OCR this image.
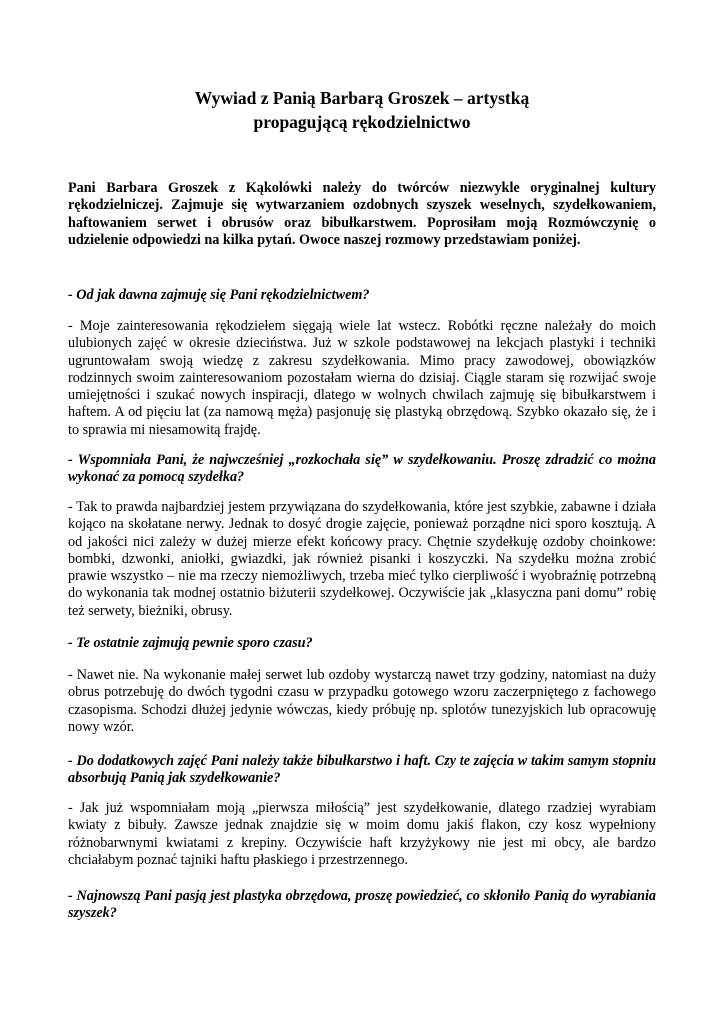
Wywiad z Panią Barbarą Groszek – artystką
propagującą rękodzielnictwo

Pani Barbara Groszek z Kąkolówki należy do twórców niezwykle oryginalnej kultury rękodzielniczej. Zajmuje się wytwarzaniem ozdobnych szyszek weselnych, szydełkowaniem, haftowaniem serwet i obrusów oraz bibułkarstwem. Poprosiłam moją Rozmówczynię o udzielenie odpowiedzi na kilka pytań. Owoce naszej rozmowy przedstawiam poniżej.

- Od jak dawna zajmuję się Pani rękodzielnictwem?

- Moje zainteresowania rękodziełem sięgają wiele lat wstecz. Robótki ręczne należały do moich ulubionych zajęć w okresie dzieciństwa. Już w szkole podstawowej na lekcjach plastyki i techniki ugruntowałam swoją wiedzę z zakresu szydełkowania. Mimo pracy zawodowej, obowiązków rodzinnych swoim zainteresowaniom pozostałam wierna do dzisiaj. Ciągle staram się rozwijać swoje umiejętności i szukać nowych inspiracji, dlatego w wolnych chwilach zajmuję się bibułkarstwem i haftem. A od pięciu lat (za namową męża) pasjonuję się plastyką obrzędową. Szybko okazało się, że i to sprawia mi niesamowitą frajdę.

- Wspomniała Pani, że najwcześniej „rozkochała się” w szydełkowaniu. Proszę zdradzić co można wykonać za pomocą szydełka?

- Tak to prawda najbardziej jestem przywiązana do szydełkowania, które jest szybkie, zabawne i działa kojąco na skołatane nerwy. Jednak to dosyć drogie zajęcie, ponieważ porządne nici sporo kosztują. A od jakości nici zależy w dużej mierze efekt końcowy pracy. Chętnie szydełkuję ozdoby choinkowe: bombki, dzwonki, aniołki, gwiazdki, jak również pisanki i koszyczki. Na szydełku można zrobić prawie wszystko – nie ma rzeczy niemożliwych, trzeba mieć tylko cierpliwość i wyobraźnię potrzebną do wykonania tak modnej ostatnio biżuterii szydełkowej. Oczywiście jak „klasyczna pani domu” robię też serwety, bieżniki, obrusy.

- Te ostatnie zajmują pewnie sporo czasu?

- Nawet nie. Na wykonanie małej serwet lub ozdoby wystarczą nawet trzy godziny, natomiast na duży obrus potrzebuję do dwóch tygodni czasu w przypadku gotowego wzoru zaczerpniętego z fachowego czasopisma. Schodzi dłużej jedynie wówczas, kiedy próbuję np. splotów tunezyjskich lub opracowuję nowy wzór.

- Do dodatkowych zajęć Pani należy także bibułkarstwo i haft. Czy te zajęcia w takim samym stopniu absorbują Panią jak szydełkowanie?

- Jak już wspomniałam moją „pierwsza miłością” jest szydełkowanie, dlatego rzadziej wyrabiam kwiaty z bibuły. Zawsze jednak znajdzie się w moim domu jakiś flakon, czy kosz wypełniony różnobarwnymi kwiatami z krepiny. Oczywiście haft krzyżykowy nie jest mi obcy, ale bardzo chciałabym poznać tajniki haftu płaskiego i przestrzennego.

- Najnowszą Pani pasją jest plastyka obrzędowa, proszę powiedzieć, co skłoniło Panią do wyrabiania szyszek?
